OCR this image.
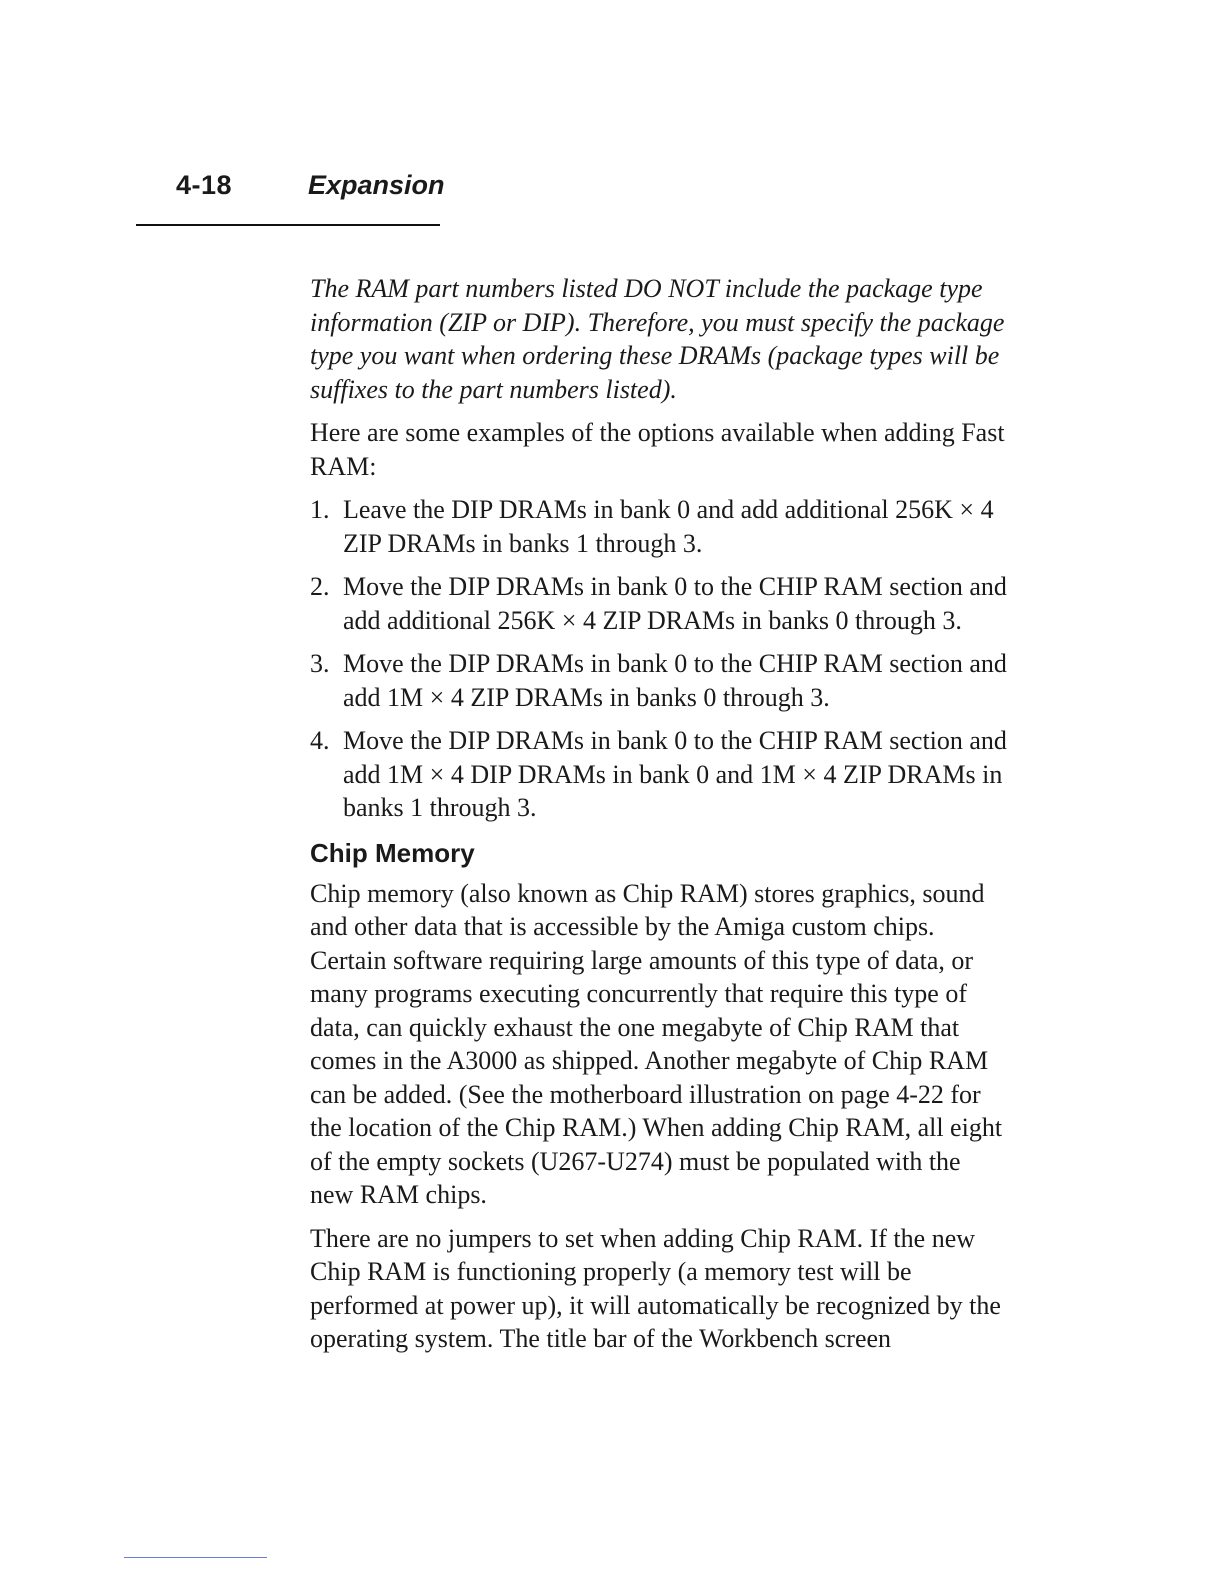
4-18	Expansion

The RAM part numbers listed DO NOT include the package type information (ZIP or DIP). Therefore, you must specify the package type you want when ordering these DRAMs (package types will be suffixes to the part numbers listed).

Here are some examples of the options available when adding Fast RAM:

1. Leave the DIP DRAMs in bank 0 and add additional 256K × 4 ZIP DRAMs in banks 1 through 3.
2. Move the DIP DRAMs in bank 0 to the CHIP RAM section and add additional 256K × 4 ZIP DRAMs in banks 0 through 3.
3. Move the DIP DRAMs in bank 0 to the CHIP RAM section and add 1M × 4 ZIP DRAMs in banks 0 through 3.
4. Move the DIP DRAMs in bank 0 to the CHIP RAM section and add 1M × 4 DIP DRAMs in bank 0 and 1M × 4 ZIP DRAMs in banks 1 through 3.
Chip Memory

Chip memory (also known as Chip RAM) stores graphics, sound and other data that is accessible by the Amiga custom chips. Certain software requiring large amounts of this type of data, or many programs executing concurrently that require this type of data, can quickly exhaust the one megabyte of Chip RAM that comes in the A3000 as shipped. Another megabyte of Chip RAM can be added. (See the motherboard illustration on page 4-22 for the location of the Chip RAM.) When adding Chip RAM, all eight of the empty sockets (U267-U274) must be populated with the new RAM chips.

There are no jumpers to set when adding Chip RAM. If the new Chip RAM is functioning properly (a memory test will be performed at power up), it will automatically be recognized by the operating system. The title bar of the Workbench screen
